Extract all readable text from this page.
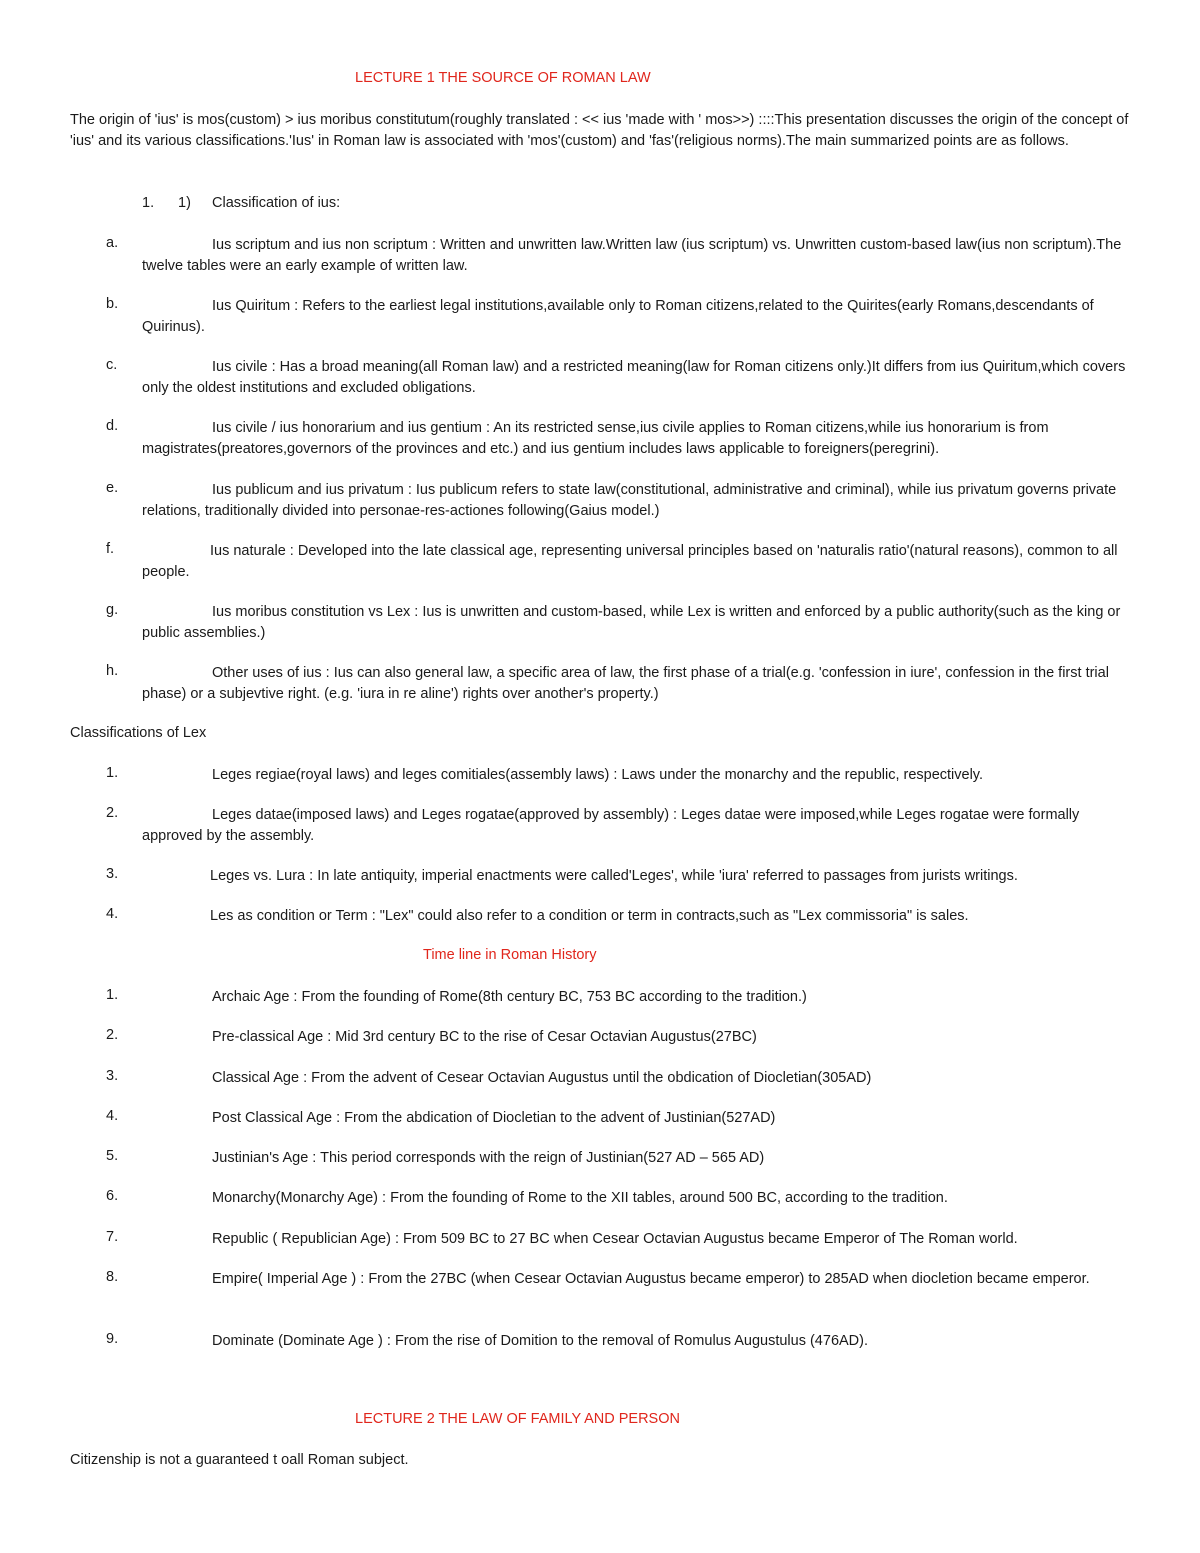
LECTURE 1 THE SOURCE OF ROMAN LAW
The origin of 'ius' is mos(custom) > ius moribus constitutum(roughly translated : << ius 'made with ' mos>>) ::::This presentation discusses the origin of the concept of 'ius' and its various classifications.'Ius' in Roman law is associated with 'mos'(custom) and 'fas'(religious norms).The main summarized points are as follows.
1. 1) Classification of ius:
a.	Ius scriptum and ius non scriptum : Written and unwritten law.Written law (ius scriptum) vs. Unwritten custom-based law(ius non scriptum).The twelve tables were an early example of written law.
b.	Ius Quiritum : Refers to the earliest legal institutions,available only to Roman citizens,related to the Quirites(early Romans,descendants of Quirinus).
c.	Ius civile : Has a broad meaning(all Roman law) and a restricted meaning(law for Roman citizens only.)It differs from ius Quiritum,which covers only the oldest institutions and excluded obligations.
d.	Ius civile / ius honorarium and ius gentium : An its restricted sense,ius civile applies to Roman citizens,while ius honorarium is from magistrates(preatores,governors of the provinces and etc.) and ius gentium includes laws applicable to foreigners(peregrini).
e.	Ius publicum and ius privatum : Ius publicum refers to state law(constitutional, administrative and criminal), while ius privatum governs private relations, traditionally divided into personae-res-actiones following(Gaius model.)
f.	Ius naturale : Developed into the late classical age, representing universal principles based on 'naturalis ratio'(natural reasons), common to all people.
g.	Ius moribus constitution vs Lex : Ius is unwritten and custom-based, while Lex is written and enforced by a public authority(such as the king or public assemblies.)
h.	Other uses of ius : Ius can also general law, a specific area of law, the first phase of a trial(e.g. 'confession in iure', confession in the first trial phase) or a subjevtive right. (e.g. 'iura in re aline') rights over another's property.)
Classifications of Lex
1.	Leges regiae(royal laws) and leges comitiales(assembly laws) : Laws under the monarchy and the republic, respectively.
2.	Leges datae(imposed laws) and Leges rogatae(approved by assembly) : Leges datae were imposed,while Leges rogatae were formally approved by the assembly.
3.	Leges vs. Lura : In late antiquity, imperial enactments were called'Leges', while 'iura' referred to passages from jurists writings.
4.	Les as condition or Term : "Lex" could also refer to a condition or term in contracts,such as "Lex commissoria" is sales.
Time line in Roman History
1.	Archaic Age : From the founding of Rome(8th century BC, 753 BC according to the tradition.)
2.	Pre-classical Age : Mid 3rd century BC to the rise of Cesar Octavian Augustus(27BC)
3.	Classical Age : From the advent of Cesear Octavian Augustus until the obdication of Diocletian(305AD)
4.	Post Classical Age : From the abdication of Diocletian to the advent of Justinian(527AD)
5.	Justinian's Age : This period corresponds with the reign of Justinian(527 AD – 565 AD)
6.	Monarchy(Monarchy Age) : From the founding of Rome to the XII tables, around 500 BC, according to the tradition.
7.	Republic ( Republician Age) : From 509 BC to 27 BC when Cesear Octavian Augustus became Emperor of The Roman world.
8.	Empire( Imperial Age ) : From the 27BC (when Cesear Octavian Augustus became emperor) to 285AD when diocletion became emperor.
9.	Dominate (Dominate Age ) : From the rise of Domition to the removal of Romulus Augustulus (476AD).
LECTURE 2 THE LAW OF FAMILY AND PERSON
Citizenship is not a guaranteed t oall Roman subject.
